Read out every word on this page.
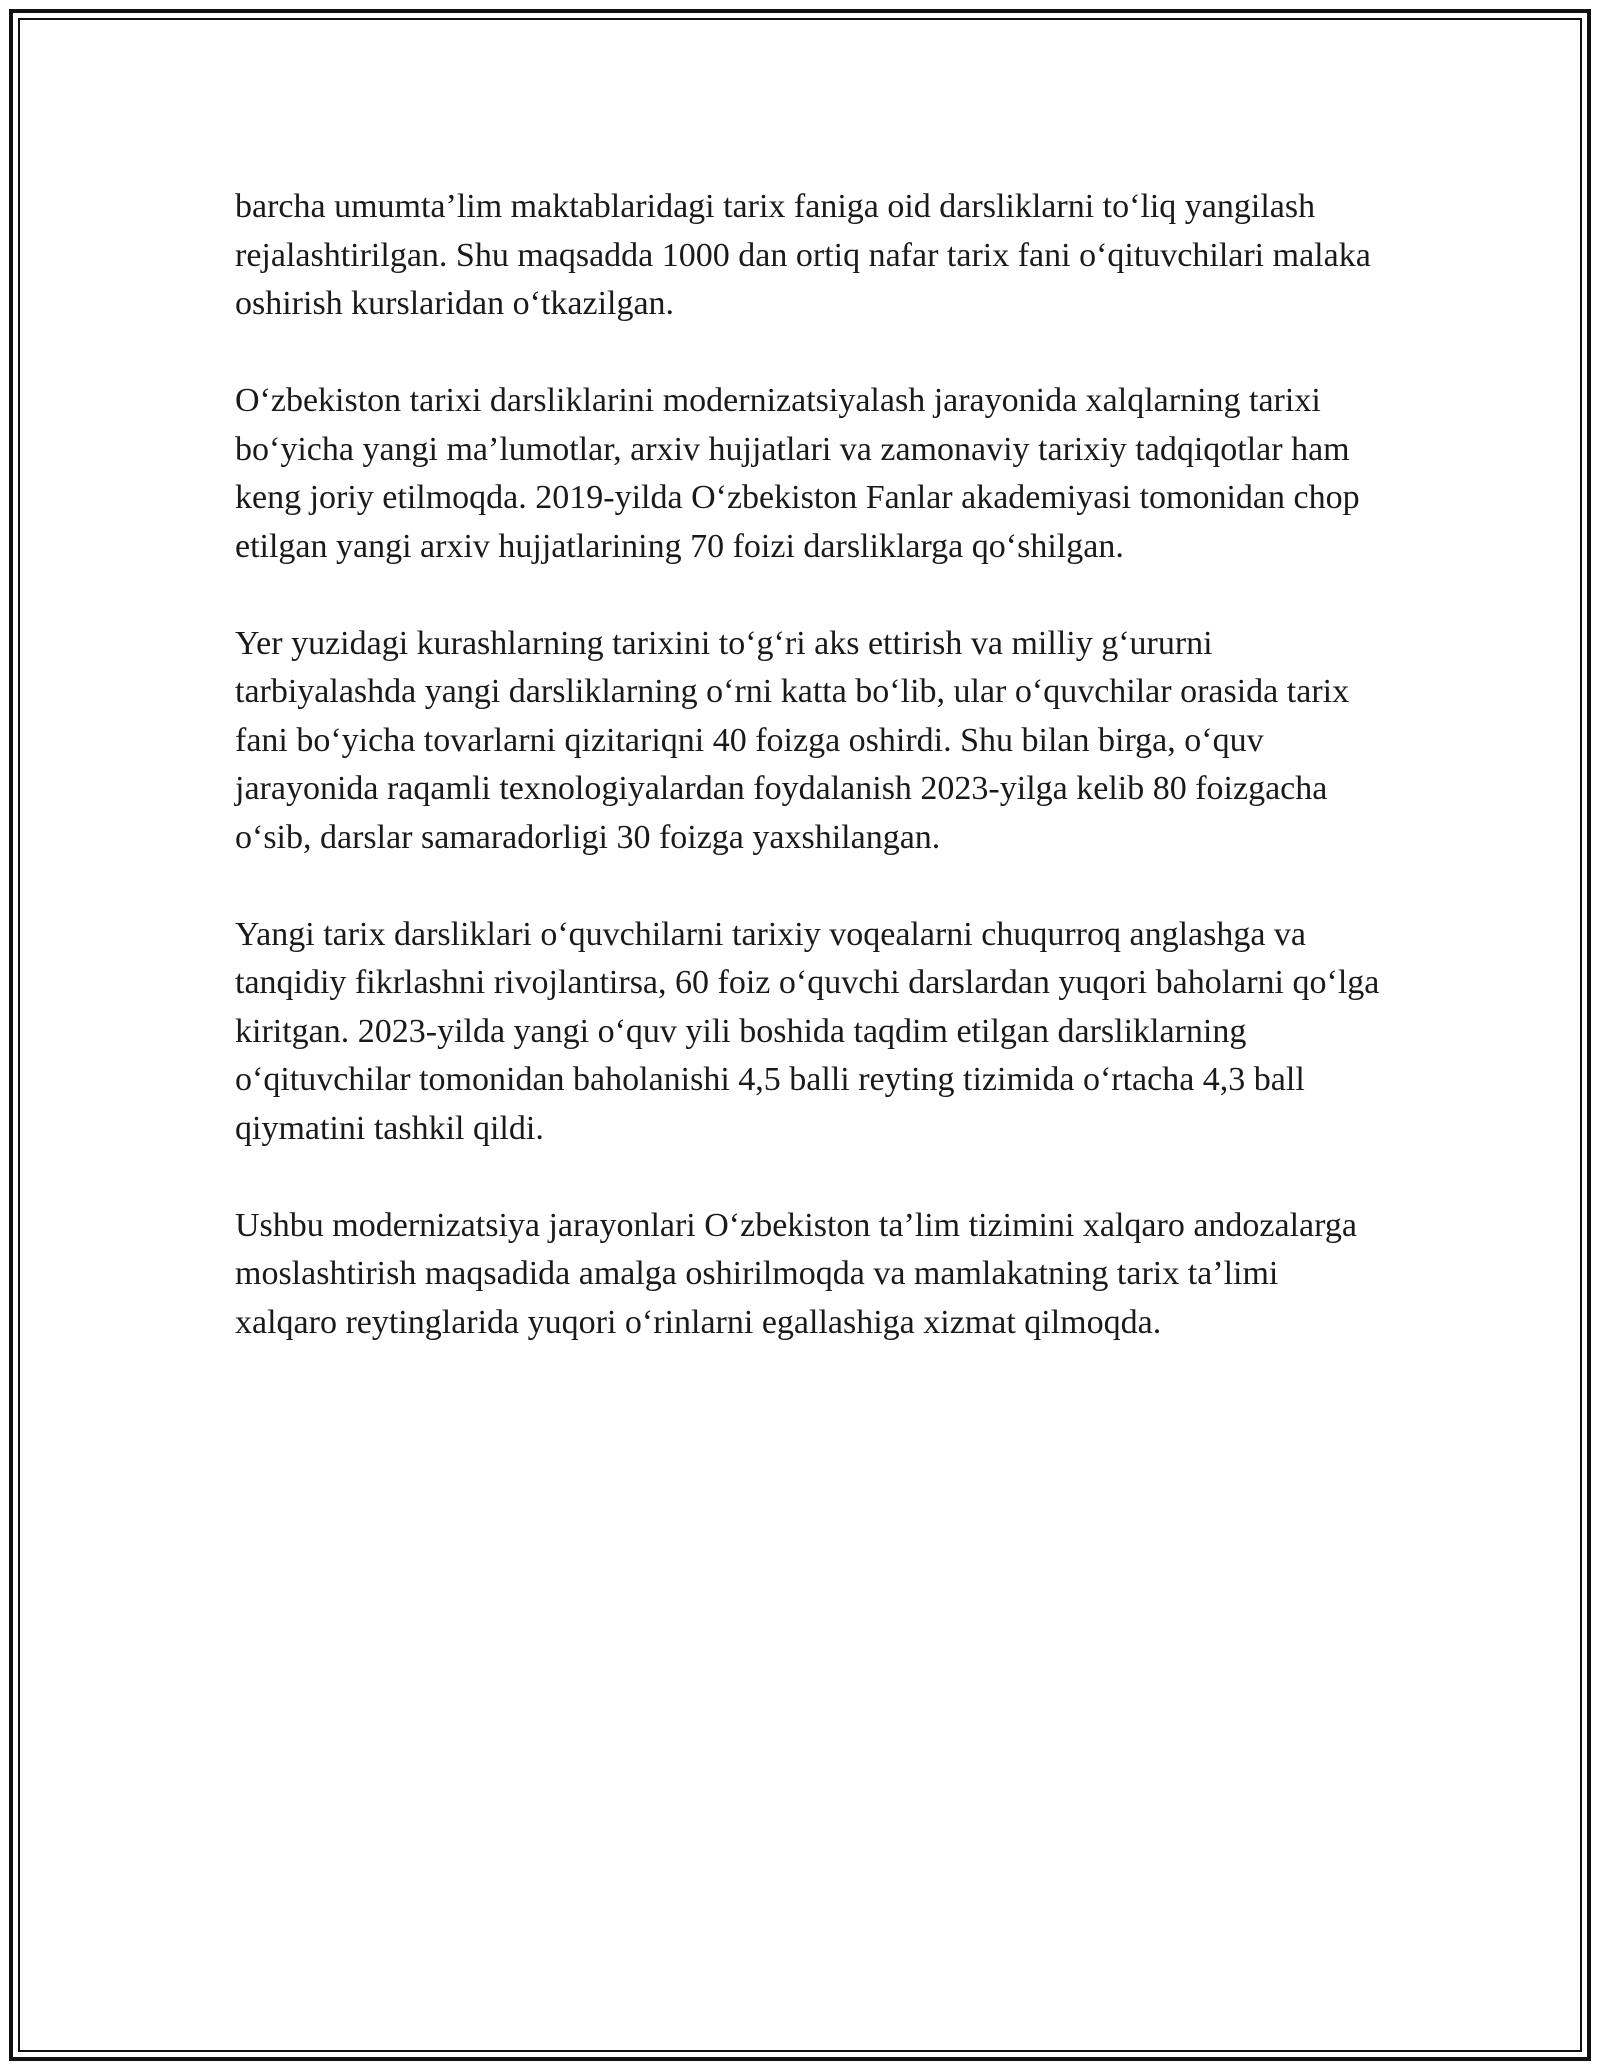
barcha umumta’lim maktablaridagi tarix faniga oid darsliklarni to‘liq yangilash rejalashtirilgan. Shu maqsadda 1000 dan ortiq nafar tarix fani o‘qituvchilari malaka oshirish kurslaridan o‘tkazilgan.

O‘zbekiston tarixi darsliklarini modernizatsiyalash jarayonida xalqlarning tarixi bo‘yicha yangi ma’lumotlar, arxiv hujjatlari va zamonaviy tarixiy tadqiqotlar ham keng joriy etilmoqda. 2019-yilda O‘zbekiston Fanlar akademiyasi tomonidan chop etilgan yangi arxiv hujjatlarining 70 foizi darsliklarga qo‘shilgan.

Yer yuzidagi kurashlarning tarixini to‘g‘ri aks ettirish va milliy g‘ururni tarbiyalashda yangi darsliklarning o‘rni katta bo‘lib, ular o‘quvchilar orasida tarix fani bo‘yicha tovarlarni qizitariqni 40 foizga oshirdi. Shu bilan birga, o‘quv jarayonida raqamli texnologiyalardan foydalanish 2023-yilga kelib 80 foizgacha o‘sib, darslar samaradorligi 30 foizga yaxshilangan.

Yangi tarix darsliklari o‘quvchilarni tarixiy voqealarni chuqurroq anglashga va tanqidiy fikrlashni rivojlantirsa, 60 foiz o‘quvchi darslardan yuqori baholarni qo‘lga kiritgan. 2023-yilda yangi o‘quv yili boshida taqdim etilgan darsliklarning o‘qituvchilar tomonidan baholanishi 4,5 balli reyting tizimida o‘rtacha 4,3 ball qiymatini tashkil qildi.

Ushbu modernizatsiya jarayonlari O‘zbekiston ta’lim tizimini xalqaro andozalarga moslashtirish maqsadida amalga oshirilmoqda va mamlakatning tarix ta’limi xalqaro reytinglarida yuqori o‘rinlarni egallashiga xizmat qilmoqda.
